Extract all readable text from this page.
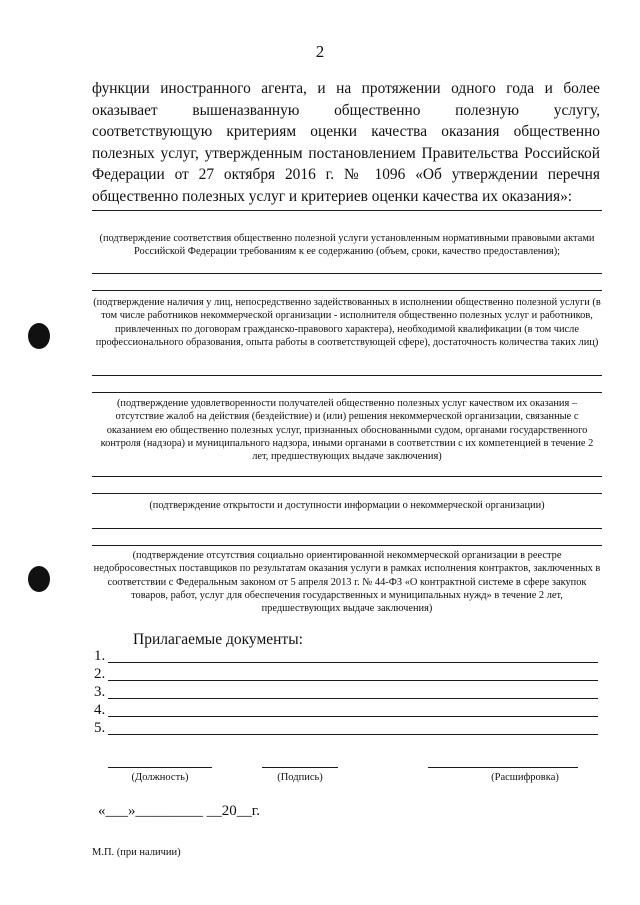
2

функции иностранного агента, и на протяжении одного года и более оказывает вышеназванную общественно полезную услугу, соответствующую критериям оценки качества оказания общественно полезных услуг, утвержденным постановлением Правительства Российской Федерации от 27 октября 2016 г. № 1096 «Об утверждении перечня общественно полезных услуг и критериев оценки качества их оказания»:

(подтверждение соответствия общественно полезной услуги установленным нормативными правовыми актами Российской Федерации требованиям к ее содержанию (объем, сроки, качество предоставления);
(подтверждение наличия у лиц, непосредственно задействованных в исполнении общественно полезной услуги (в том числе работников некоммерческой организации - исполнителя общественно полезных услуг и работников, привлеченных по договорам гражданско-правового характера), необходимой квалификации (в том числе профессионального образования, опыта работы в соответствующей сфере), достаточность количества таких лиц)
(подтверждение удовлетворенности получателей общественно полезных услуг качеством их оказания – отсутствие жалоб на действия (бездействие) и (или) решения некоммерческой организации, связанные с оказанием ею общественно полезных услуг, признанных обоснованными судом, органами государственного контроля (надзора) и муниципального надзора, иными органами в соответствии с их компетенцией в течение 2 лет, предшествующих выдаче заключения)
(подтверждение открытости и доступности информации о некоммерческой организации)
(подтверждение отсутствия социально ориентированной некоммерческой организации в реестре недобросовестных поставщиков по результатам оказания услуги в рамках исполнения контрактов, заключенных в соответствии с Федеральным законом от 5 апреля 2013 г. № 44-ФЗ «О контрактной системе в сфере закупок товаров, работ, услуг для обеспечения государственных и муниципальных нужд» в течение 2 лет, предшествующих выдаче заключения)
Прилагаемые документы:
1.
2.
3.
4.
5.
(Должность)	(Подпись)	(Расшифровка)
«___»_________ __20__г.
М.П. (при наличии)
